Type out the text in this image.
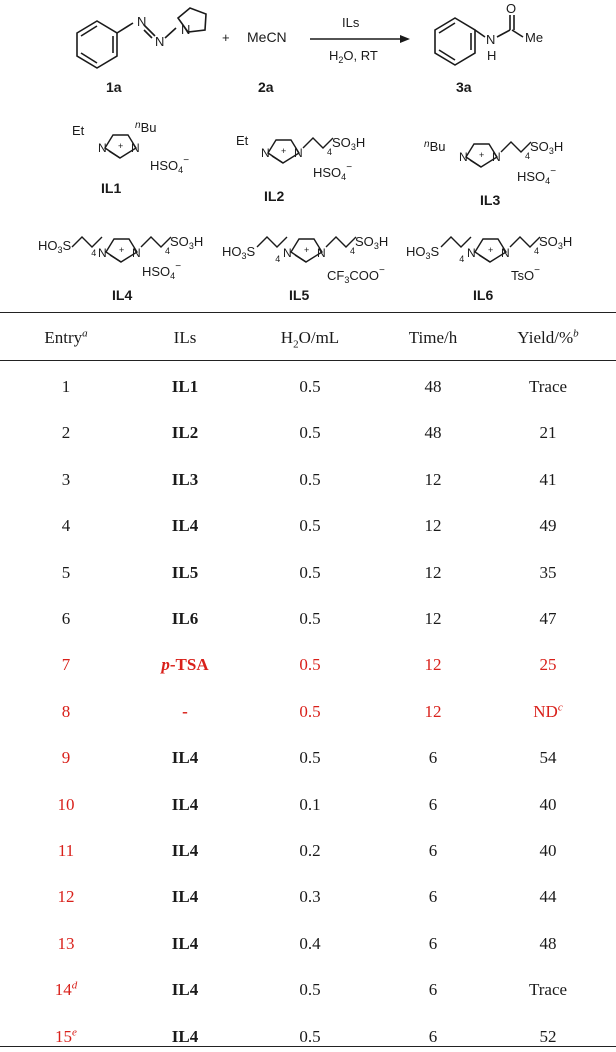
N
N
N
1a
+ MeCN
2a
ILs
$H_2O$, RT
O
N
H
Me
3a
Et
N N
+
$^n$Bu
$HSO_4^-$
IL1
Et
N N
+	$_4SO_3H$
$HSO_4^-$
IL2
$^n$Bu
N N
+	$_4SO_3H$
$HSO_4^-$
IL3
$HO_3S$ $_4$ N N
+	$_4SO_3H$
$HSO_4^-$
IL4
$HO_3S$ $_4$ N N
+	$_4SO_3H$
$CF_3COO^-$
IL5
$HO_3S$ $_4$ N N
+	$_4SO_3H$
TsO−
IL6
Entry$^a$	ILs	$H_2O/mL$	Time/h	Yield/%$^b$
1	IL1	0.5	48	Trace
2	IL2	0.5	48	21
3	IL3	0.5	12	41
4	IL4	0.5	12	49
5	IL5	0.5	12	35
6	IL6	0.5	12	47
7	p-TSA	0.5	12	25
8	-	0.5	12	$ND^c$
9	IL4	0.5	6	54
10	IL4	0.1	6	40
11	IL4	0.2	6	40
12	IL4	0.3	6	44
13	IL4	0.4	6	48
14$^d$	IL4	0.5	6	Trace
15e	IL4	0.5	6	52
